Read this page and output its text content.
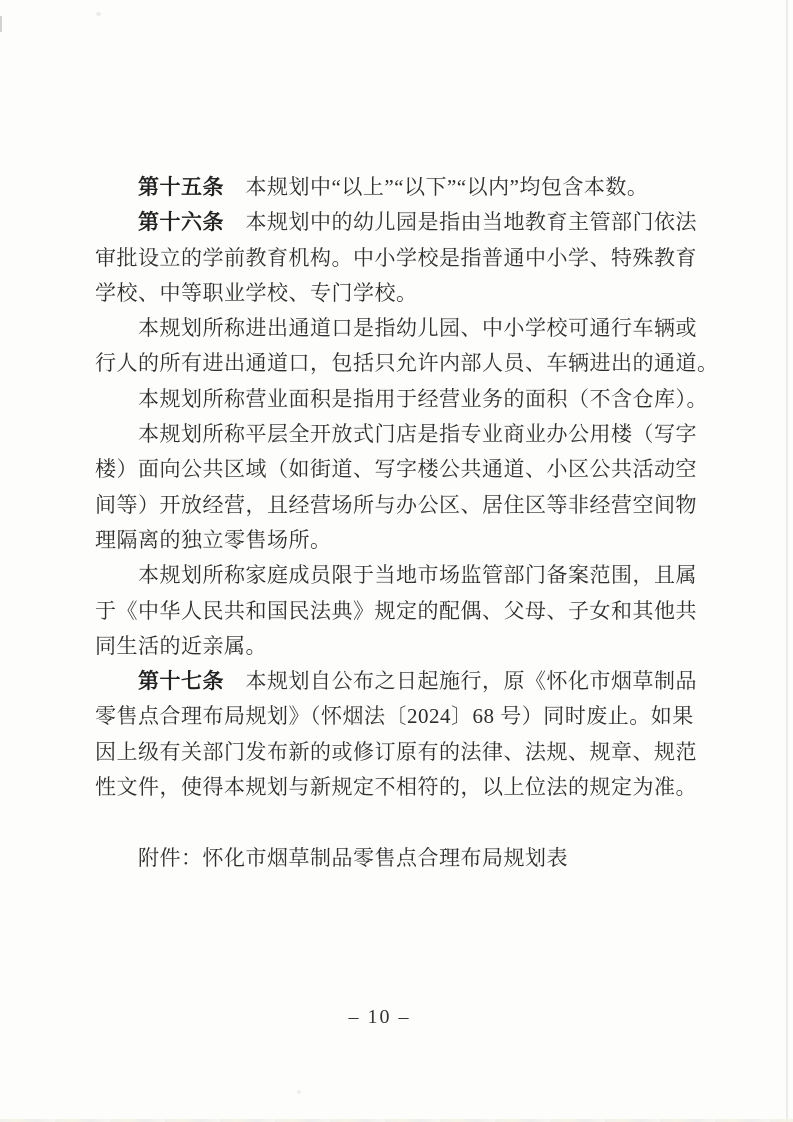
　　第十五条　本规划中“以上”“以下”“以内”均包含本数。
　　第十六条　本规划中的幼儿园是指由当地教育主管部门依法
审批设立的学前教育机构。中小学校是指普通中小学、特殊教育
学校、中等职业学校、专门学校。
　　本规划所称进出通道口是指幼儿园、中小学校可通行车辆或
行人的所有进出通道口，包括只允许内部人员、车辆进出的通道。
　　本规划所称营业面积是指用于经营业务的面积（不含仓库）。
　　本规划所称平层全开放式门店是指专业商业办公用楼（写字
楼）面向公共区域（如街道、写字楼公共通道、小区公共活动空
间等）开放经营，且经营场所与办公区、居住区等非经营空间物
理隔离的独立零售场所。
　　本规划所称家庭成员限于当地市场监管部门备案范围，且属
于《中华人民共和国民法典》规定的配偶、父母、子女和其他共
同生活的近亲属。
　　第十七条　本规划自公布之日起施行，原《怀化市烟草制品
零售点合理布局规划》（怀烟法〔2024〕68 号）同时废止。如果
因上级有关部门发布新的或修订原有的法律、法规、规章、规范
性文件，使得本规划与新规定不相符的，以上位法的规定为准。
　　附件：怀化市烟草制品零售点合理布局规划表
– 10 –
